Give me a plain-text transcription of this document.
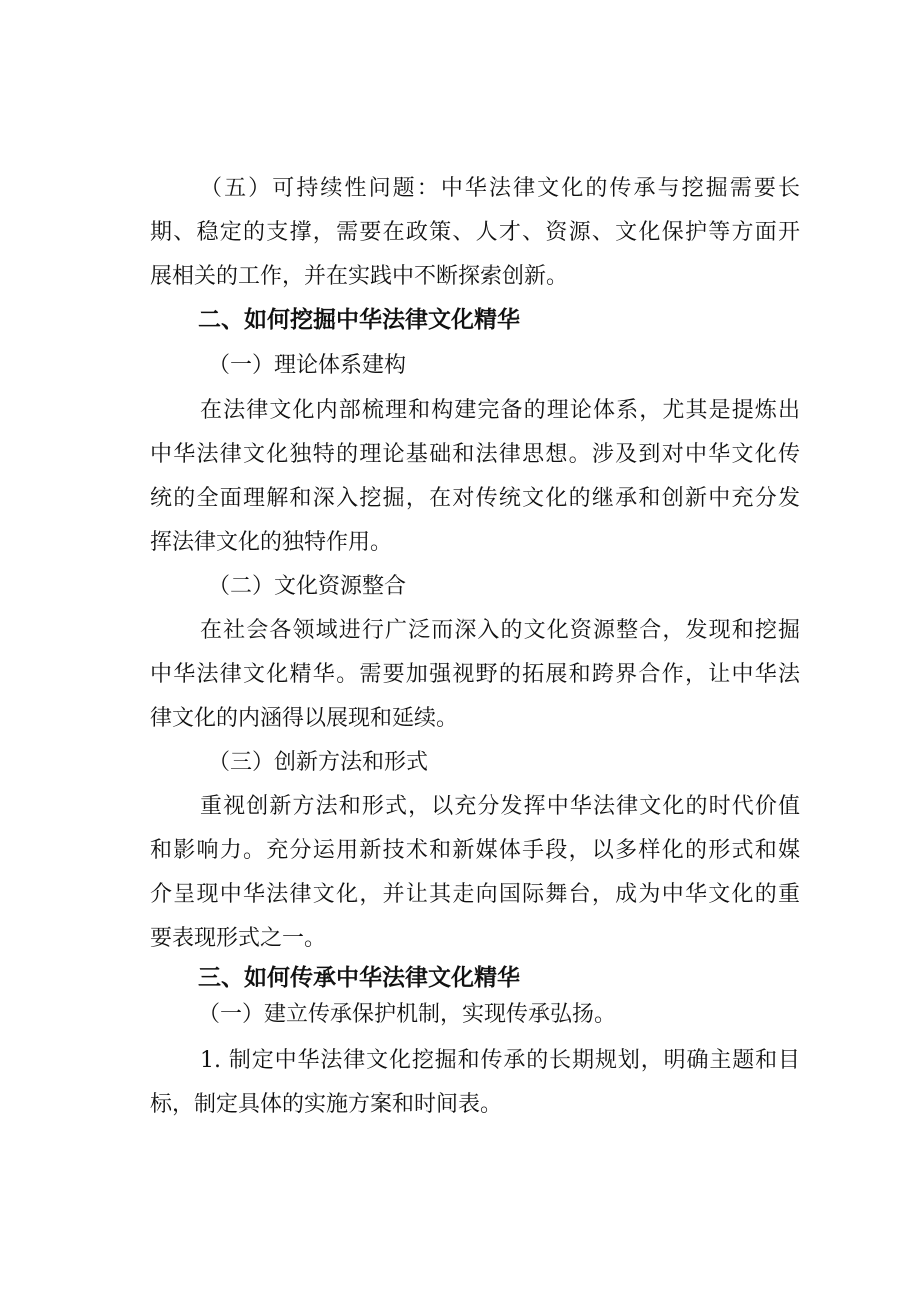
（五）可持续性问题：中华法律文化的传承与挖掘需要长

期、稳定的支撑，需要在政策、人才、资源、文化保护等方面开

展相关的工作，并在实践中不断探索创新。

二、如何挖掘中华法律文化精华

（一）理论体系建构

在法律文化内部梳理和构建完备的理论体系，尤其是提炼出

中华法律文化独特的理论基础和法律思想。涉及到对中华文化传

统的全面理解和深入挖掘，在对传统文化的继承和创新中充分发

挥法律文化的独特作用。

（二）文化资源整合

在社会各领域进行广泛而深入的文化资源整合，发现和挖掘

中华法律文化精华。需要加强视野的拓展和跨界合作，让中华法

律文化的内涵得以展现和延续。

（三）创新方法和形式

重视创新方法和形式，以充分发挥中华法律文化的时代价值

和影响力。充分运用新技术和新媒体手段，以多样化的形式和媒

介呈现中华法律文化，并让其走向国际舞台，成为中华文化的重

要表现形式之一。

三、如何传承中华法律文化精华

（一）建立传承保护机制，实现传承弘扬。

1. 制定中华法律文化挖掘和传承的长期规划，明确主题和目

标，制定具体的实施方案和时间表。
